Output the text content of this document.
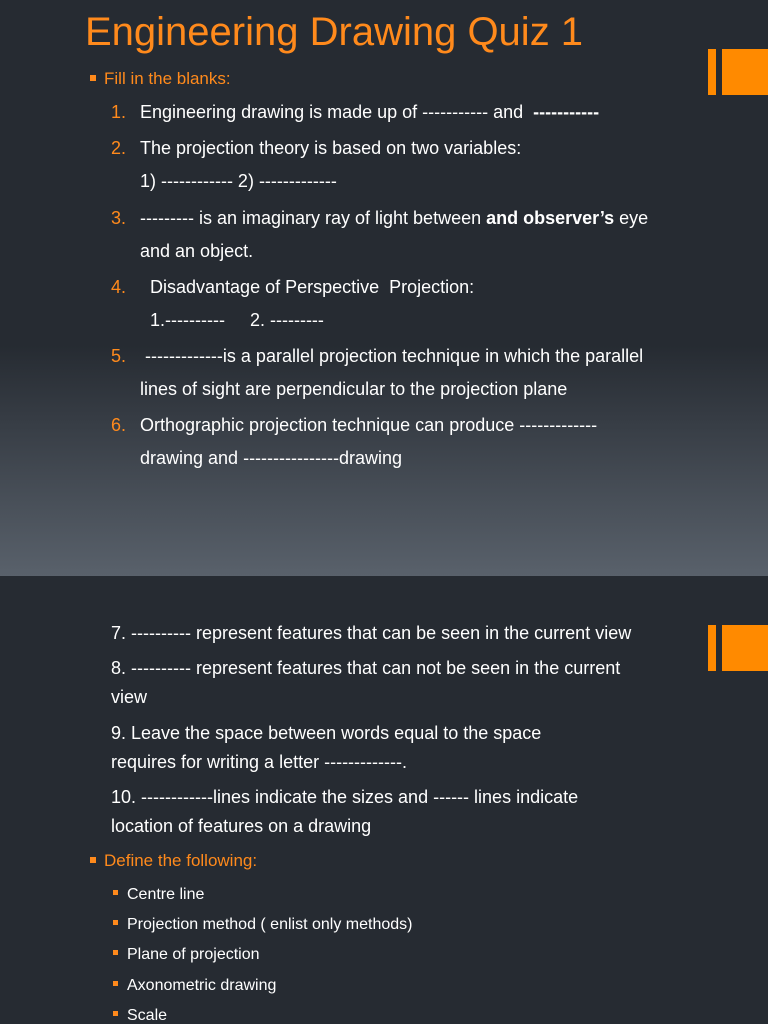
Engineering Drawing Quiz 1
Fill in the blanks:
1. Engineering drawing is made up of ----------- and  -----------
2. The projection theory is based on two variables:
1) ------------ 2) -------------
3. --------- is an imaginary ray of light between and observer’s eye
and an object.
4.  Disadvantage of Perspective  Projection:
1.----------     2. ---------
5. -------------is a parallel projection technique in which the parallel
lines of sight are perpendicular to the projection plane
6. Orthographic projection technique can produce -------------
drawing and ----------------drawing
7. ---------- represent features that can be seen in the current view
8. ---------- represent features that can not be seen in the current
view
9. Leave the space between words equal to the space
requires for writing a letter -------------.
10. ------------lines indicate the sizes and ------ lines indicate
location of features on a drawing
Define the following:
Centre line
Projection method ( enlist only methods)
Plane of projection
Axonometric drawing
Scale
